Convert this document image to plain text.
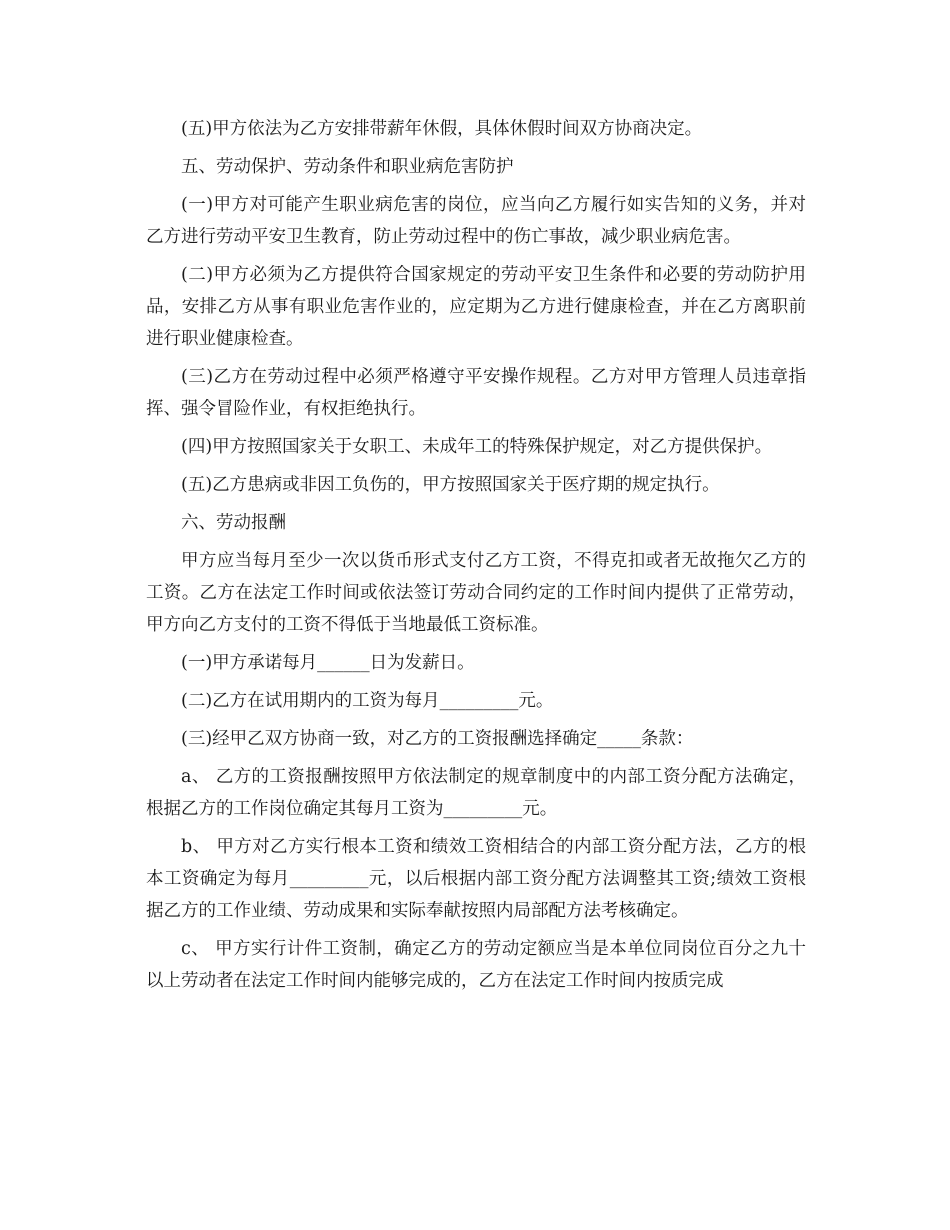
(五)甲方依法为乙方安排带薪年休假，具体休假时间双方协商决定。

五、劳动保护、劳动条件和职业病危害防护

(一)甲方对可能产生职业病危害的岗位，应当向乙方履行如实告知的义务，并对乙方进行劳动平安卫生教育，防止劳动过程中的伤亡事故，减少职业病危害。

(二)甲方必须为乙方提供符合国家规定的劳动平安卫生条件和必要的劳动防护用品，安排乙方从事有职业危害作业的，应定期为乙方进行健康检查，并在乙方离职前进行职业健康检查。

(三)乙方在劳动过程中必须严格遵守平安操作规程。乙方对甲方管理人员违章指挥、强令冒险作业，有权拒绝执行。

(四)甲方按照国家关于女职工、未成年工的特殊保护规定，对乙方提供保护。

(五)乙方患病或非因工负伤的，甲方按照国家关于医疗期的规定执行。

六、劳动报酬

甲方应当每月至少一次以货币形式支付乙方工资，不得克扣或者无故拖欠乙方的工资。乙方在法定工作时间或依法签订劳动合同约定的工作时间内提供了正常劳动，甲方向乙方支付的工资不得低于当地最低工资标准。

(一)甲方承诺每月______日为发薪日。

(二)乙方在试用期内的工资为每月_________元。

(三)经甲乙双方协商一致，对乙方的工资报酬选择确定_____条款：

a、 乙方的工资报酬按照甲方依法制定的规章制度中的内部工资分配方法确定，根据乙方的工作岗位确定其每月工资为_________元。

b、 甲方对乙方实行根本工资和绩效工资相结合的内部工资分配方法，乙方的根本工资确定为每月_________元，以后根据内部工资分配方法调整其工资;绩效工资根据乙方的工作业绩、劳动成果和实际奉献按照内局部配方法考核确定。

c、 甲方实行计件工资制，确定乙方的劳动定额应当是本单位同岗位百分之九十以上劳动者在法定工作时间内能够完成的，乙方在法定工作时间内按质完成
